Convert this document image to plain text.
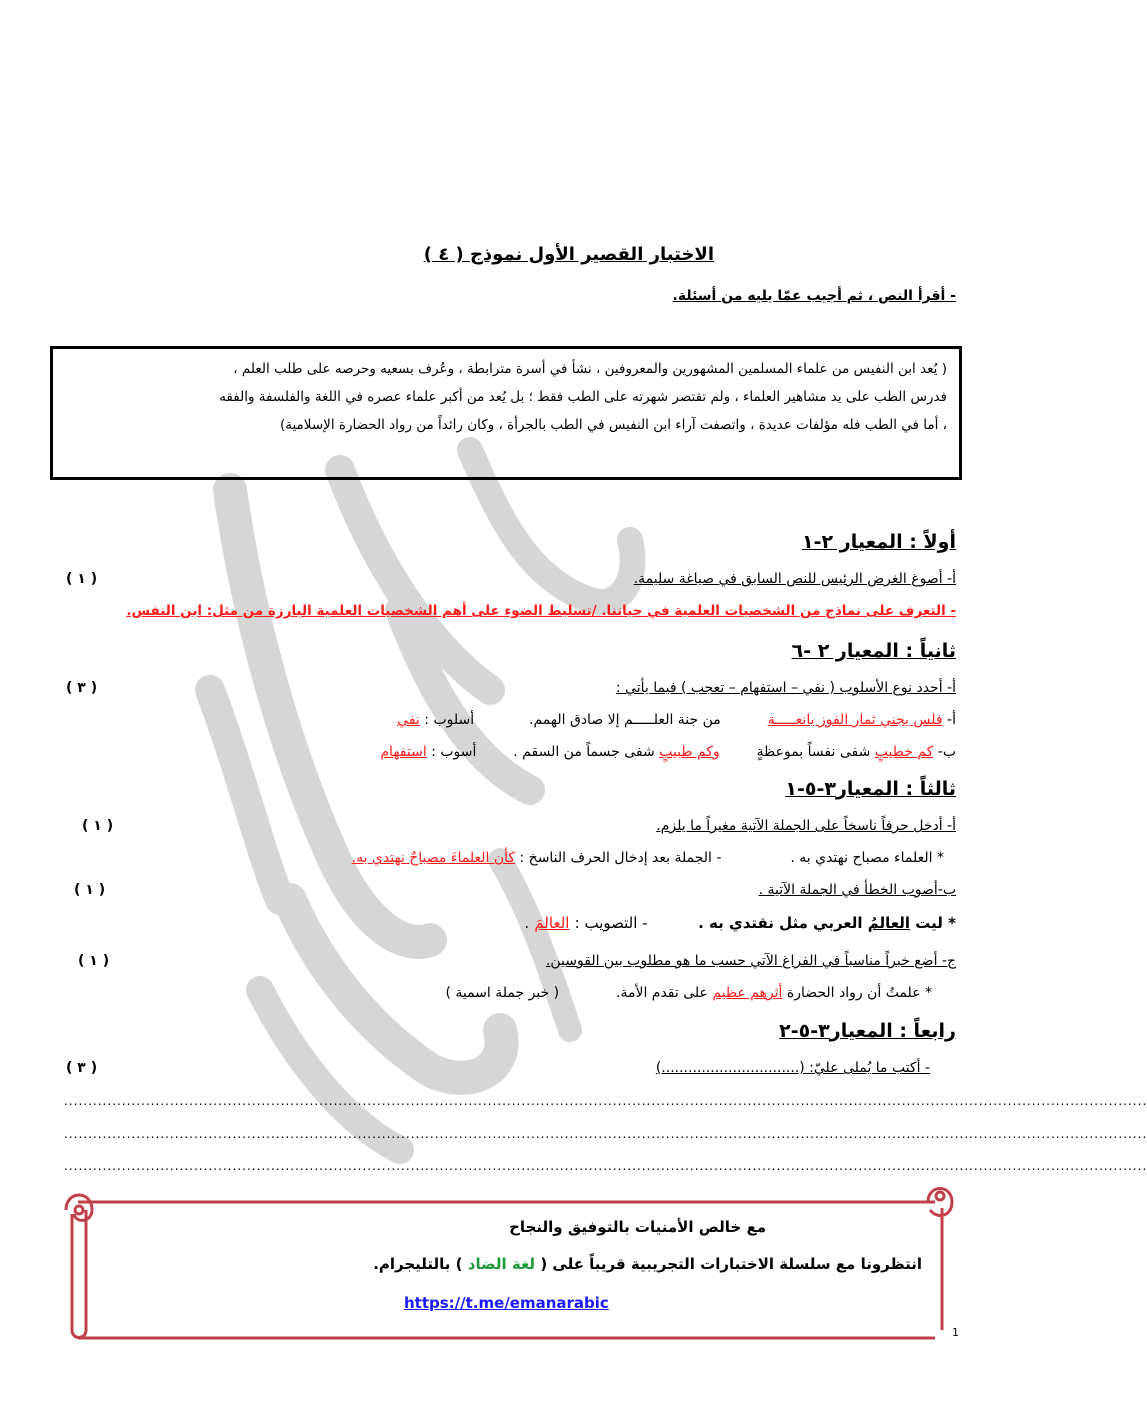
الاختبار القصير الأول نموذج ( ٤ )
- أقرأ النص ، ثم أجيب عمّا يليه من أسئلة.

( يُعد ابن النفيس من علماء المسلمين المشهورين والمعروفين ، نشأ في أسرة مترابطة ، وعُرف بسعيه وحرصه على طلب العلم ،

فدرس الطب على يد مشاهير العلماء ، ولم تقتصر شهرته على الطب فقط ؛ بل يُعد من أكبر علماء عصره في اللغة والفلسفة والفقه

، أما في الطب فله مؤلفات عديدة ، واتصفت آراء ابن النفيس في الطب بالجرأة ، وكان رائداً من رواد الحضارة الإسلامية)

أولاً : المعيار ٢-١
أ- أصوغ الغرض الرئيس للنص السابق في صياغة سليمة.
( ١ )
- التعرف على نماذج من الشخصيات العلمية في حياتنا. /تسليط الضوء على أهم الشخصيات العلمية البارزة من مثل: ابن النفس.
ثانياً : المعيار ٢ -٦
أ- أحدد نوع الأسلوب ( نفي – استفهام – تعجب ) فيما يأتي :
( ٣ )
أ- فلس يجني ثمار الفوز يانعـــــة  من جنة العلـــــم إلا صادق الهمم.  أسلوب : نفي
ب- كم خطيبٍ شفى نفساً بموعظةٍ  وكم طبيبٍ شفى جسماً من السقم .  أسوب : استفهام
ثالثاً : المعيار٣-٥-١
أ- أدخل حرفاً ناسخاً على الجملة الآتية مغيراً ما يلزم.
( ١ )
* العلماء مصباح نهتدي به .  - الجملة بعد إدخال الحرف الناسخ : كأن العلماءَ مصباحٌ نهتدي به.
ب-أصوب الخطأ في الجملة الآتية .
( ١ )
* ليت العالمُ العربي مثل نقتدي به .  - التصويب : العالمَ .
ج- أضع خبراً مناسباً في الفراغ الآتي حسب ما هو مطلوب بين القوسين.
( ١ )
* علمتُ أن رواد الحضارة أثرهم عظيم على تقدم الأمة.  ( خبر جملة اسمية )
رابعاً : المعيار٣-٥-٢
- أكتب ما يُملى عليّ: (...............................)
( ٣ )
.................................................................................................................................................................................................................................
.................................................................................................................................................................................................................................
.................................................................................................................................................................................................................................
مع خالص الأمنيات بالتوفيق والنجاح
انتظرونا مع سلسلة الاختبارات التجريبية قريباً على ( لغة الضاد ) بالتليجرام.
https://t.me/emanarabic
1
